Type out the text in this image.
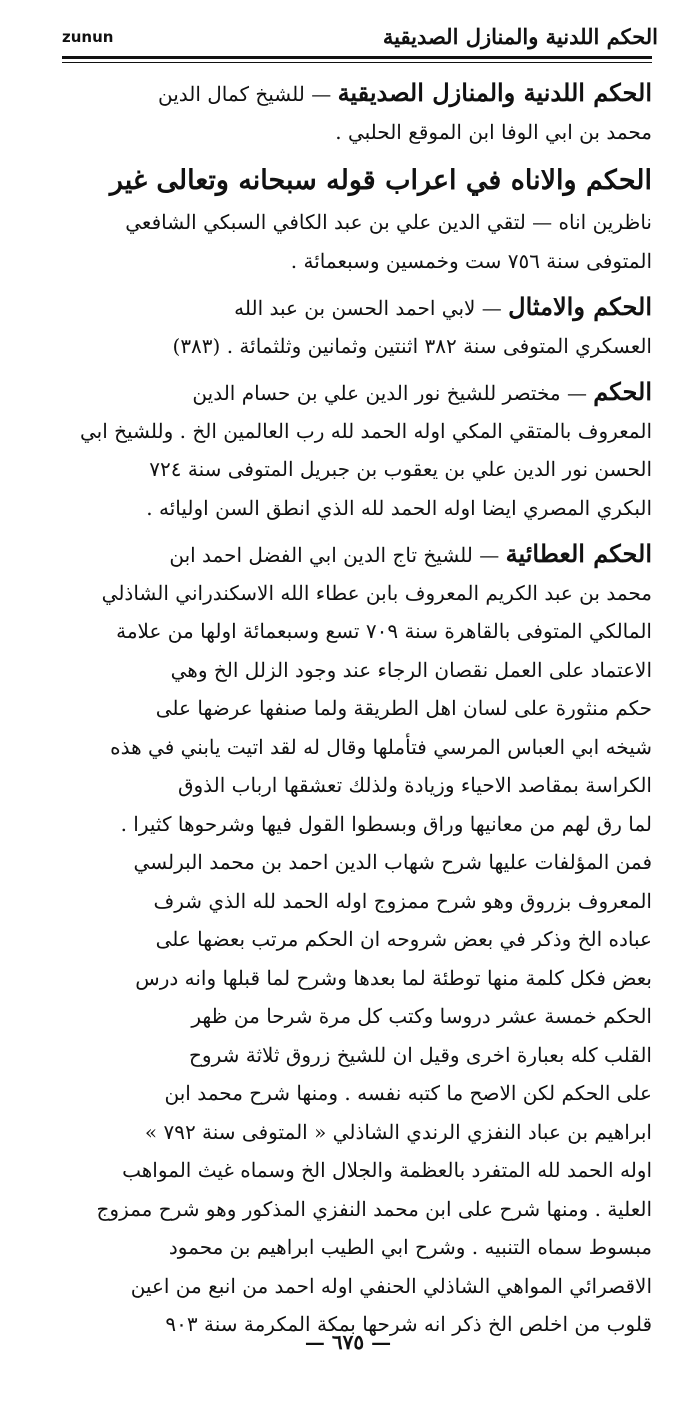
zunun	الحكم اللدنية والمنازل الصديقية
الحكم اللدنية والمنازل الصديقية — للشيخ كمال الدين
محمد بن ابي الوفا ابن الموقع الحلبي .
الحكم والاناه في اعراب قوله سبحانه وتعالى غير
ناظرين اناه — لتقي الدين علي بن عبد الكافي السبكي الشافعي
المتوفى سنة ٧٥٦ ست وخمسين وسبعمائة .
الحكم والامثال — لابي احمد الحسن بن عبد الله
العسكري المتوفى سنة ٣٨٢ اثنتين وثمانين وثلثمائة . (٣٨٣)
الحكم — مختصر للشيخ نور الدين علي بن حسام الدين
المعروف بالمتقي المكي اوله الحمد لله رب العالمين الخ . وللشيخ ابي
الحسن نور الدين علي بن يعقوب بن جبريل المتوفى سنة ٧٢٤
البكري المصري ايضا اوله الحمد لله الذي انطق السن اوليائه .
الحكم العطائية — للشيخ تاج الدين ابي الفضل احمد ابن
محمد بن عبد الكريم المعروف بابن عطاء الله الاسكندراني الشاذلي
المالكي المتوفى بالقاهرة سنة ٧٠٩ تسع وسبعمائة اولها من علامة
الاعتماد على العمل نقصان الرجاء عند وجود الزلل الخ وهي
حكم منثورة على لسان اهل الطريقة ولما صنفها عرضها على
شيخه ابي العباس المرسي فتأملها وقال له لقد اتيت يابني في هذه
الكراسة بمقاصد الاحياء وزيادة ولذلك تعشقها ارباب الذوق
لما رق لهم من معانيها وراق وبسطوا القول فيها وشرحوها كثيرا .
فمن المؤلفات عليها شرح شهاب الدين احمد بن محمد البرلسي
المعروف بزروق وهو شرح ممزوج اوله الحمد لله الذي شرف
عباده الخ وذكر في بعض شروحه ان الحكم مرتب بعضها على
بعض فكل كلمة منها توطئة لما بعدها وشرح لما قبلها وانه درس
الحكم خمسة عشر دروسا وكتب كل مرة شرحا من ظهر
القلب كله بعبارة اخرى وقيل ان للشيخ زروق ثلاثة شروح
على الحكم لكن الاصح ما كتبه نفسه . ومنها شرح محمد ابن
ابراهيم بن عباد النفزي الرندي الشاذلي « المتوفى سنة ٧٩٢ »
اوله الحمد لله المتفرد بالعظمة والجلال الخ وسماه غيث المواهب
العلية . ومنها شرح على ابن محمد النفزي المذكور وهو شرح ممزوج
مبسوط سماه التنبيه . وشرح ابي الطيب ابراهيم بن محمود
الاقصرائي المواهي الشاذلي الحنفي اوله احمد من انبع من اعين
قلوب من اخلص الخ ذكر انه شرحها بمكة المكرمة سنة ٩٠٣
— ٦٧٥ —
